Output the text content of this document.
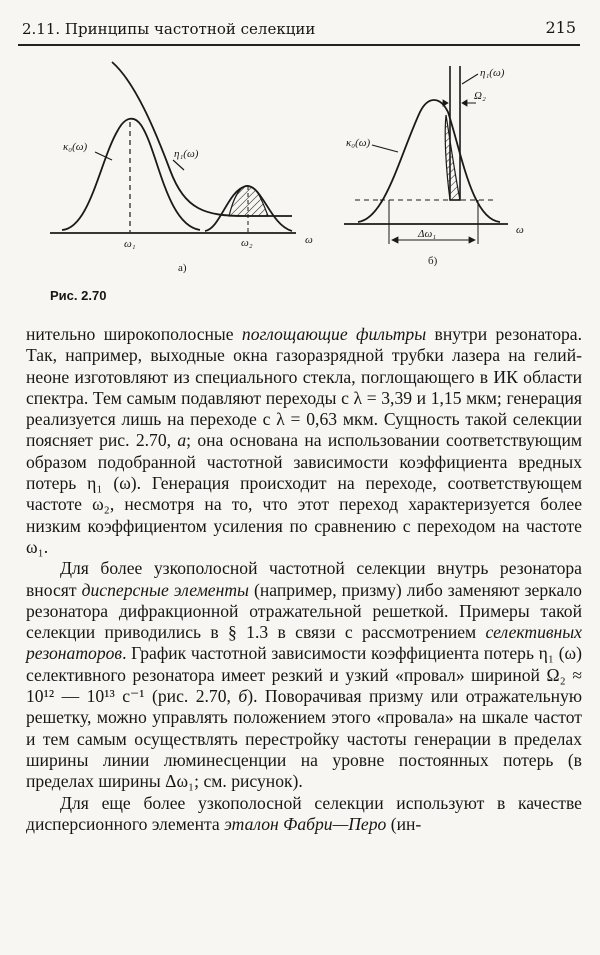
2.11. Принципы частотной селекции	215
κ₀(ω)
η₁(ω)
ω₁	ω₂	ω
а)
η₁(ω)
Ω₂
κ₀(ω)
Δω₁	ω
б)
Рис. 2.70

нительно широкополосные поглощающие фильтры внутри резонатора. Так, например, выходные окна газоразрядной трубки лазера на гелий-неоне изготовляют из специального стекла, поглощающего в ИК области спектра. Тем самым подавляют переходы с λ = 3,39 и 1,15 мкм; генерация реализуется лишь на переходе с λ = 0,63 мкм. Сущность такой селекции поясняет рис. 2.70, а; она основана на использовании соответствующим образом подобранной частотной зависимости коэффициента вредных потерь η₁ (ω). Генерация происходит на переходе, соответствующем частоте ω₂, несмотря на то, что этот переход характеризуется более низким коэффициентом усиления по сравнению с переходом на частоте ω₁.

Для более узкополосной частотной селекции внутрь резонатора вносят дисперсные элементы (например, призму) либо заменяют зеркало резонатора дифракционной отражательной решеткой. Примеры такой селекции приводились в § 1.3 в связи с рассмотрением селективных резонаторов. График частотной зависимости коэффициента потерь η₁ (ω) селективного резонатора имеет резкий и узкий «провал» шириной Ω₂ ≈ 10¹² — 10¹³ с⁻¹ (рис. 2.70, б). Поворачивая призму или отражательную решетку, можно управлять положением этого «провала» на шкале частот и тем самым осуществлять перестройку частоты генерации в пределах ширины линии люминесценции на уровне постоянных потерь (в пределах ширины Δω₁; см. рисунок).

Для еще более узкополосной селекции используют в качестве дисперсионного элемента эталон Фабри—Перо (ин-
